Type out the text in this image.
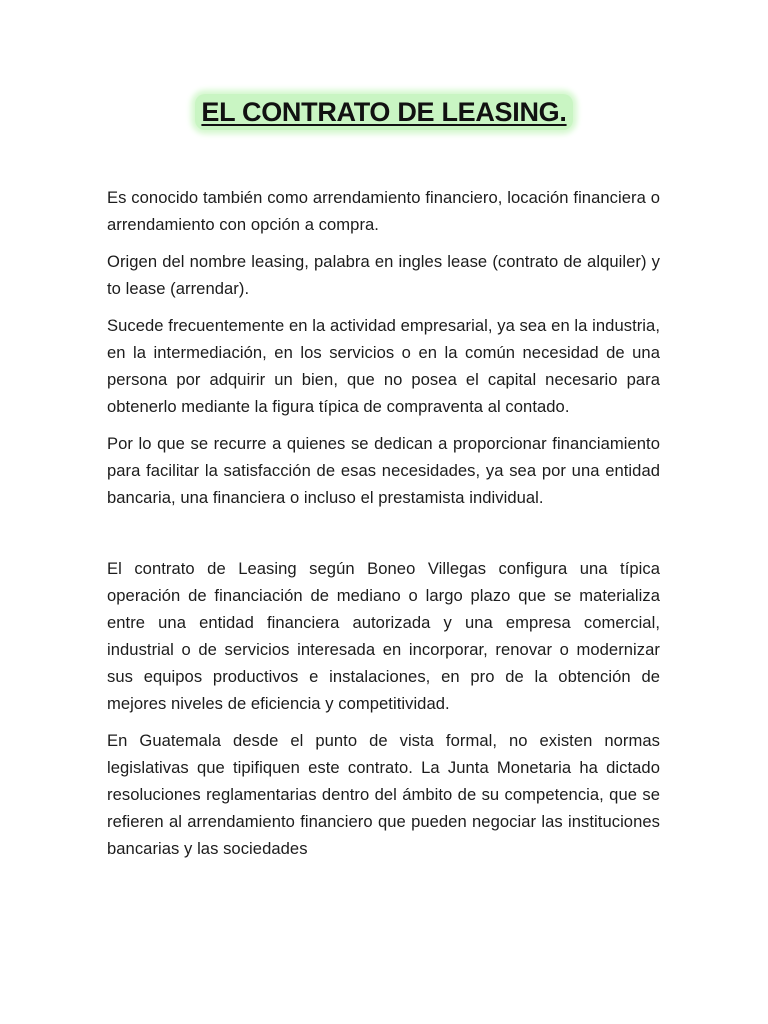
EL CONTRATO DE LEASING.

Es conocido también como arrendamiento financiero, locación financiera o arrendamiento con opción a compra.

Origen del nombre leasing, palabra en ingles lease (contrato de alquiler) y to lease (arrendar).

Sucede frecuentemente en la actividad empresarial, ya sea en la industria, en la intermediación, en los servicios o en la común necesidad de una persona por adquirir un bien, que no posea el capital necesario para obtenerlo mediante la figura típica de compraventa al contado.

Por lo que se recurre a quienes se dedican a proporcionar financiamiento para facilitar la satisfacción de esas necesidades, ya sea por una entidad bancaria, una financiera o incluso el prestamista individual.

El contrato de Leasing según Boneo Villegas configura una típica operación de financiación de mediano o largo plazo que se materializa entre una entidad financiera autorizada y una empresa comercial, industrial o de servicios interesada en incorporar, renovar o modernizar sus equipos productivos e instalaciones, en pro de la obtención de mejores niveles de eficiencia y competitividad.

En Guatemala desde el punto de vista formal, no existen normas legislativas que tipifiquen este contrato. La Junta Monetaria ha dictado resoluciones reglamentarias dentro del ámbito de su competencia, que se refieren al arrendamiento financiero que pueden negociar las instituciones bancarias y las sociedades
